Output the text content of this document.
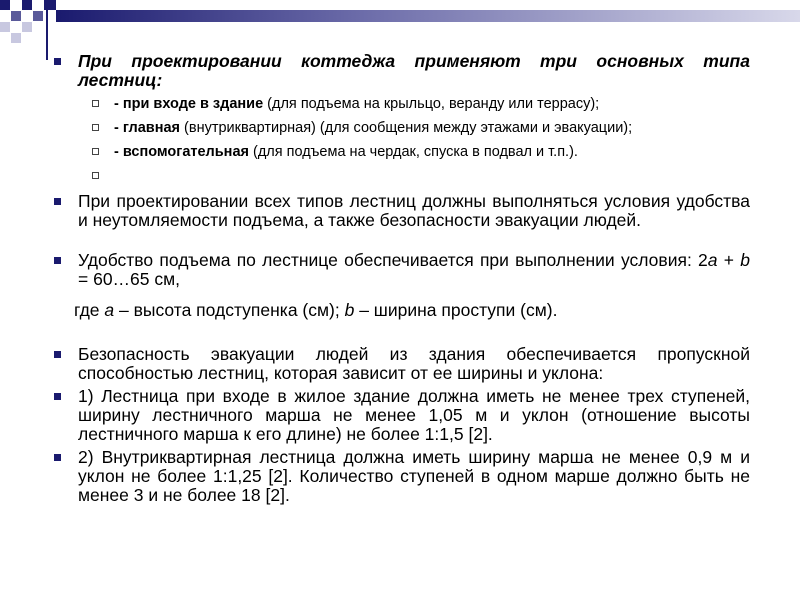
При проектировании коттеджа применяют три основных типа лестниц:
- при входе в здание (для подъема на крыльцо, веранду или террасу);
- главная (внутриквартирная) (для сообщения между этажами и эвакуации);
- вспомогательная (для подъема на чердак, спуска в подвал и т.п.).
При проектировании всех типов лестниц должны выполняться условия удобства и неутомляемости подъема, а также безопасности эвакуации людей.
Удобство подъема по лестнице обеспечивается при выполнении условия: 2a + b = 60…65 см,
где a – высота подступенка (см); b – ширина проступи (см).
Безопасность эвакуации людей из здания обеспечивается пропускной способностью лестниц, которая зависит от ее ширины и уклона:
1) Лестница при входе в жилое здание должна иметь не менее трех ступеней, ширину лестничного марша не менее 1,05 м и уклон (отношение высоты лестничного марша к его длине) не более 1:1,5 [2].
2) Внутриквартирная лестница должна иметь ширину марша не менее 0,9 м и уклон не более 1:1,25 [2]. Количество ступеней в одном марше должно быть не менее 3 и не более 18 [2].
